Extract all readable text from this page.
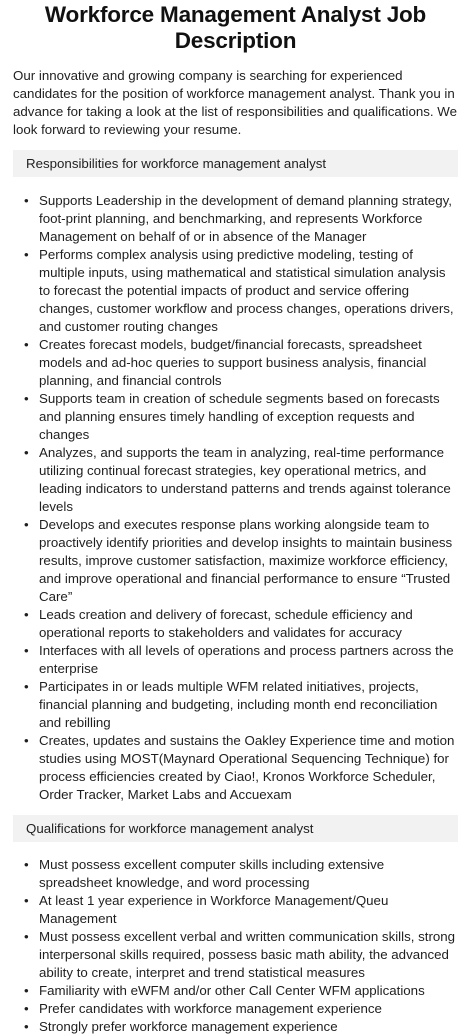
Workforce Management Analyst Job Description

Our innovative and growing company is searching for experienced candidates for the position of workforce management analyst. Thank you in advance for taking a look at the list of responsibilities and qualifications. We look forward to reviewing your resume.

Responsibilities for workforce management analyst
• Supports Leadership in the development of demand planning strategy, foot-print planning, and benchmarking, and represents Workforce Management on behalf of or in absence of the Manager
• Performs complex analysis using predictive modeling, testing of multiple inputs, using mathematical and statistical simulation analysis to forecast the potential impacts of product and service offering changes, customer workflow and process changes, operations drivers, and customer routing changes
• Creates forecast models, budget/financial forecasts, spreadsheet models and ad-hoc queries to support business analysis, financial planning, and financial controls
• Supports team in creation of schedule segments based on forecasts and planning ensures timely handling of exception requests and changes
• Analyzes, and supports the team in analyzing, real-time performance utilizing continual forecast strategies, key operational metrics, and leading indicators to understand patterns and trends against tolerance levels
• Develops and executes response plans working alongside team to proactively identify priorities and develop insights to maintain business results, improve customer satisfaction, maximize workforce efficiency, and improve operational and financial performance to ensure “Trusted Care”
• Leads creation and delivery of forecast, schedule efficiency and operational reports to stakeholders and validates for accuracy
• Interfaces with all levels of operations and process partners across the enterprise
• Participates in or leads multiple WFM related initiatives, projects, financial planning and budgeting, including month end reconciliation and rebilling
• Creates, updates and sustains the Oakley Experience time and motion studies using MOST(Maynard Operational Sequencing Technique) for process efficiencies created by Ciao!, Kronos Workforce Scheduler, Order Tracker, Market Labs and Accuexam
Qualifications for workforce management analyst
• Must possess excellent computer skills including extensive spreadsheet knowledge, and word processing
• At least 1 year experience in Workforce Management/Queu Management
• Must possess excellent verbal and written communication skills, strong interpersonal skills required, possess basic math ability, the advanced ability to create, interpret and trend statistical measures
• Familiarity with eWFM and/or other Call Center WFM applications
• Prefer candidates with workforce management experience
• Strongly prefer workforce management experience
